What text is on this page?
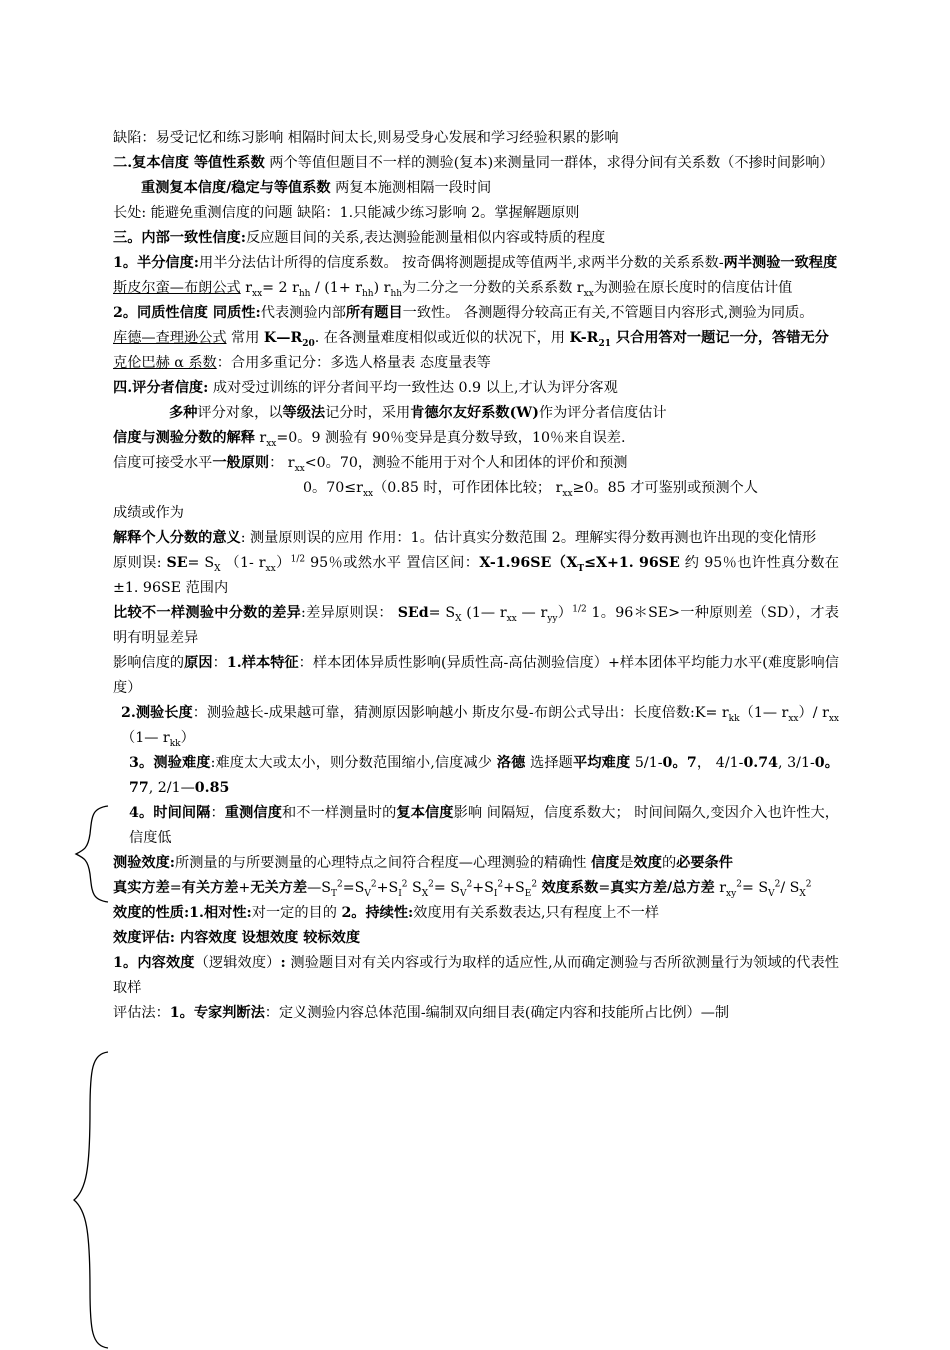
缺陷：易受记忆和练习影响 相隔时间太长,则易受身心发展和学习经验积累的影响

二.复本信度 等值性系数 两个等值但题目不一样的测验(复本)来测量同一群体，求得分间有关系数（不掺时间影响）

重测复本信度/稳定与等值系数 两复本施测相隔一段时间

长处: 能避免重测信度的问题 缺陷：1.只能减少练习影响 2。掌握解题原则

三。内部一致性信度:反应题目间的关系,表达测验能测量相似内容或特质的程度

1。半分信度:用半分法估计所得的信度系数。 按奇偶将测题提成等值两半,求两半分数的关系系数-两半测验一致程度

斯皮尔蛮—布朗公式 $r_{xx}= 2$ $r_{hh} / (1+ r_{hh})$ $r_{hh}$为二分之一分数的关系系数 $r_{xx}$为测验在原长度时的信度估计值

2。同质性信度 同质性:代表测验内部所有题目一致性。 各测题得分较高正有关,不管题目内容形式,测验为同质。

库德—查理逊公式 常用 $K—R_{20}$. 在各测量难度相似或近似的状况下，用 $K-R_{21}$ 只合用答对一题记一分，答错无分

克伦巴赫 α 系数：合用多重记分：多选人格量表 态度量表等

四.评分者信度: 成对受过训练的评分者间平均一致性达 0.9 以上,才认为评分客观

多种评分对象，以等级法记分时，采用肯德尔友好系数(W)作为评分者信度估计

信度与测验分数的解释 $r_{xx}=0$。9 测验有 90％变异是真分数导致，10％来自误差.

信度可接受水平一般原则： $r_{xx}<0$。70，测验不能用于对个人和团体的评价和预测

0。$70\le r_{xx}(0.85$ 时，可作团体比较； $r_{xx}\ge 0$。85 才可鉴别或预测个人

成绩或作为

解释个人分数的意义: 测量原则误的应用 作用：1。估计真实分数范围 2。理解实得分数再测也许出现的变化情形

原则误: $SE= S_X$ （1- $r_{xx})^{1/2}$ 95％或然水平 置信区间：$X-1.96SE(X_T\le X+1$. 96SE 约 95％也许性真分数在±1. 96SE 范围内

比较不一样测验中分数的差异:差异原则误： $SEd= S_X$ (1— $r_{xx}$ — $r_{yy})^{1/2}$ 1。96＊SE>一种原则差（SD），才表明有明显差异

影响信度的原因：1.样本特征：样本团体异质性影响(异质性高-高估测验信度）+样本团体平均能力水平(难度影响信度）

2.测验长度：测验越长-成果越可靠，猜测原因影响越小 斯皮尔曼-布朗公式导出：长度倍数:K= $r_{kk}(1—$ $r_{xx})/$ $r_{xx}$ （1— $r_{kk}$）

3。测验难度:难度太大或太小，则分数范围缩小,信度减少 洛德 选择题平均难度 5/1-0。7， 4/1-0.74, 3/1-0。77, 2/1—0.85

4。时间间隔：重测信度和不一样测量时的复本信度影响 间隔短，信度系数大； 时间间隔久,变因介入也许性大，信度低

测验效度:所测量的与所要测量的心理特点之间符合程度—心理测验的精确性 信度是效度的必要条件

真实方差=有关方差+无关方差$—S_T^2=S_V^2+S_I^2$ $S_X^2= S_V^2+S_I^2+S_E^2$ 效度系数=真实方差/总方差 $r_{xy}^2= S_V^2/$ $S_X^2$

效度的性质:1.相对性:对一定的目的 2。持续性:效度用有关系数表达,只有程度上不一样

效度评估: 内容效度 设想效度 较标效度

1。内容效度（逻辑效度）: 测验题目对有关内容或行为取样的适应性,从而确定测验与否所欲测量行为领域的代表性取样

评估法：1。专家判断法：定义测验内容总体范围-编制双向细目表(确定内容和技能所占比例）—制
